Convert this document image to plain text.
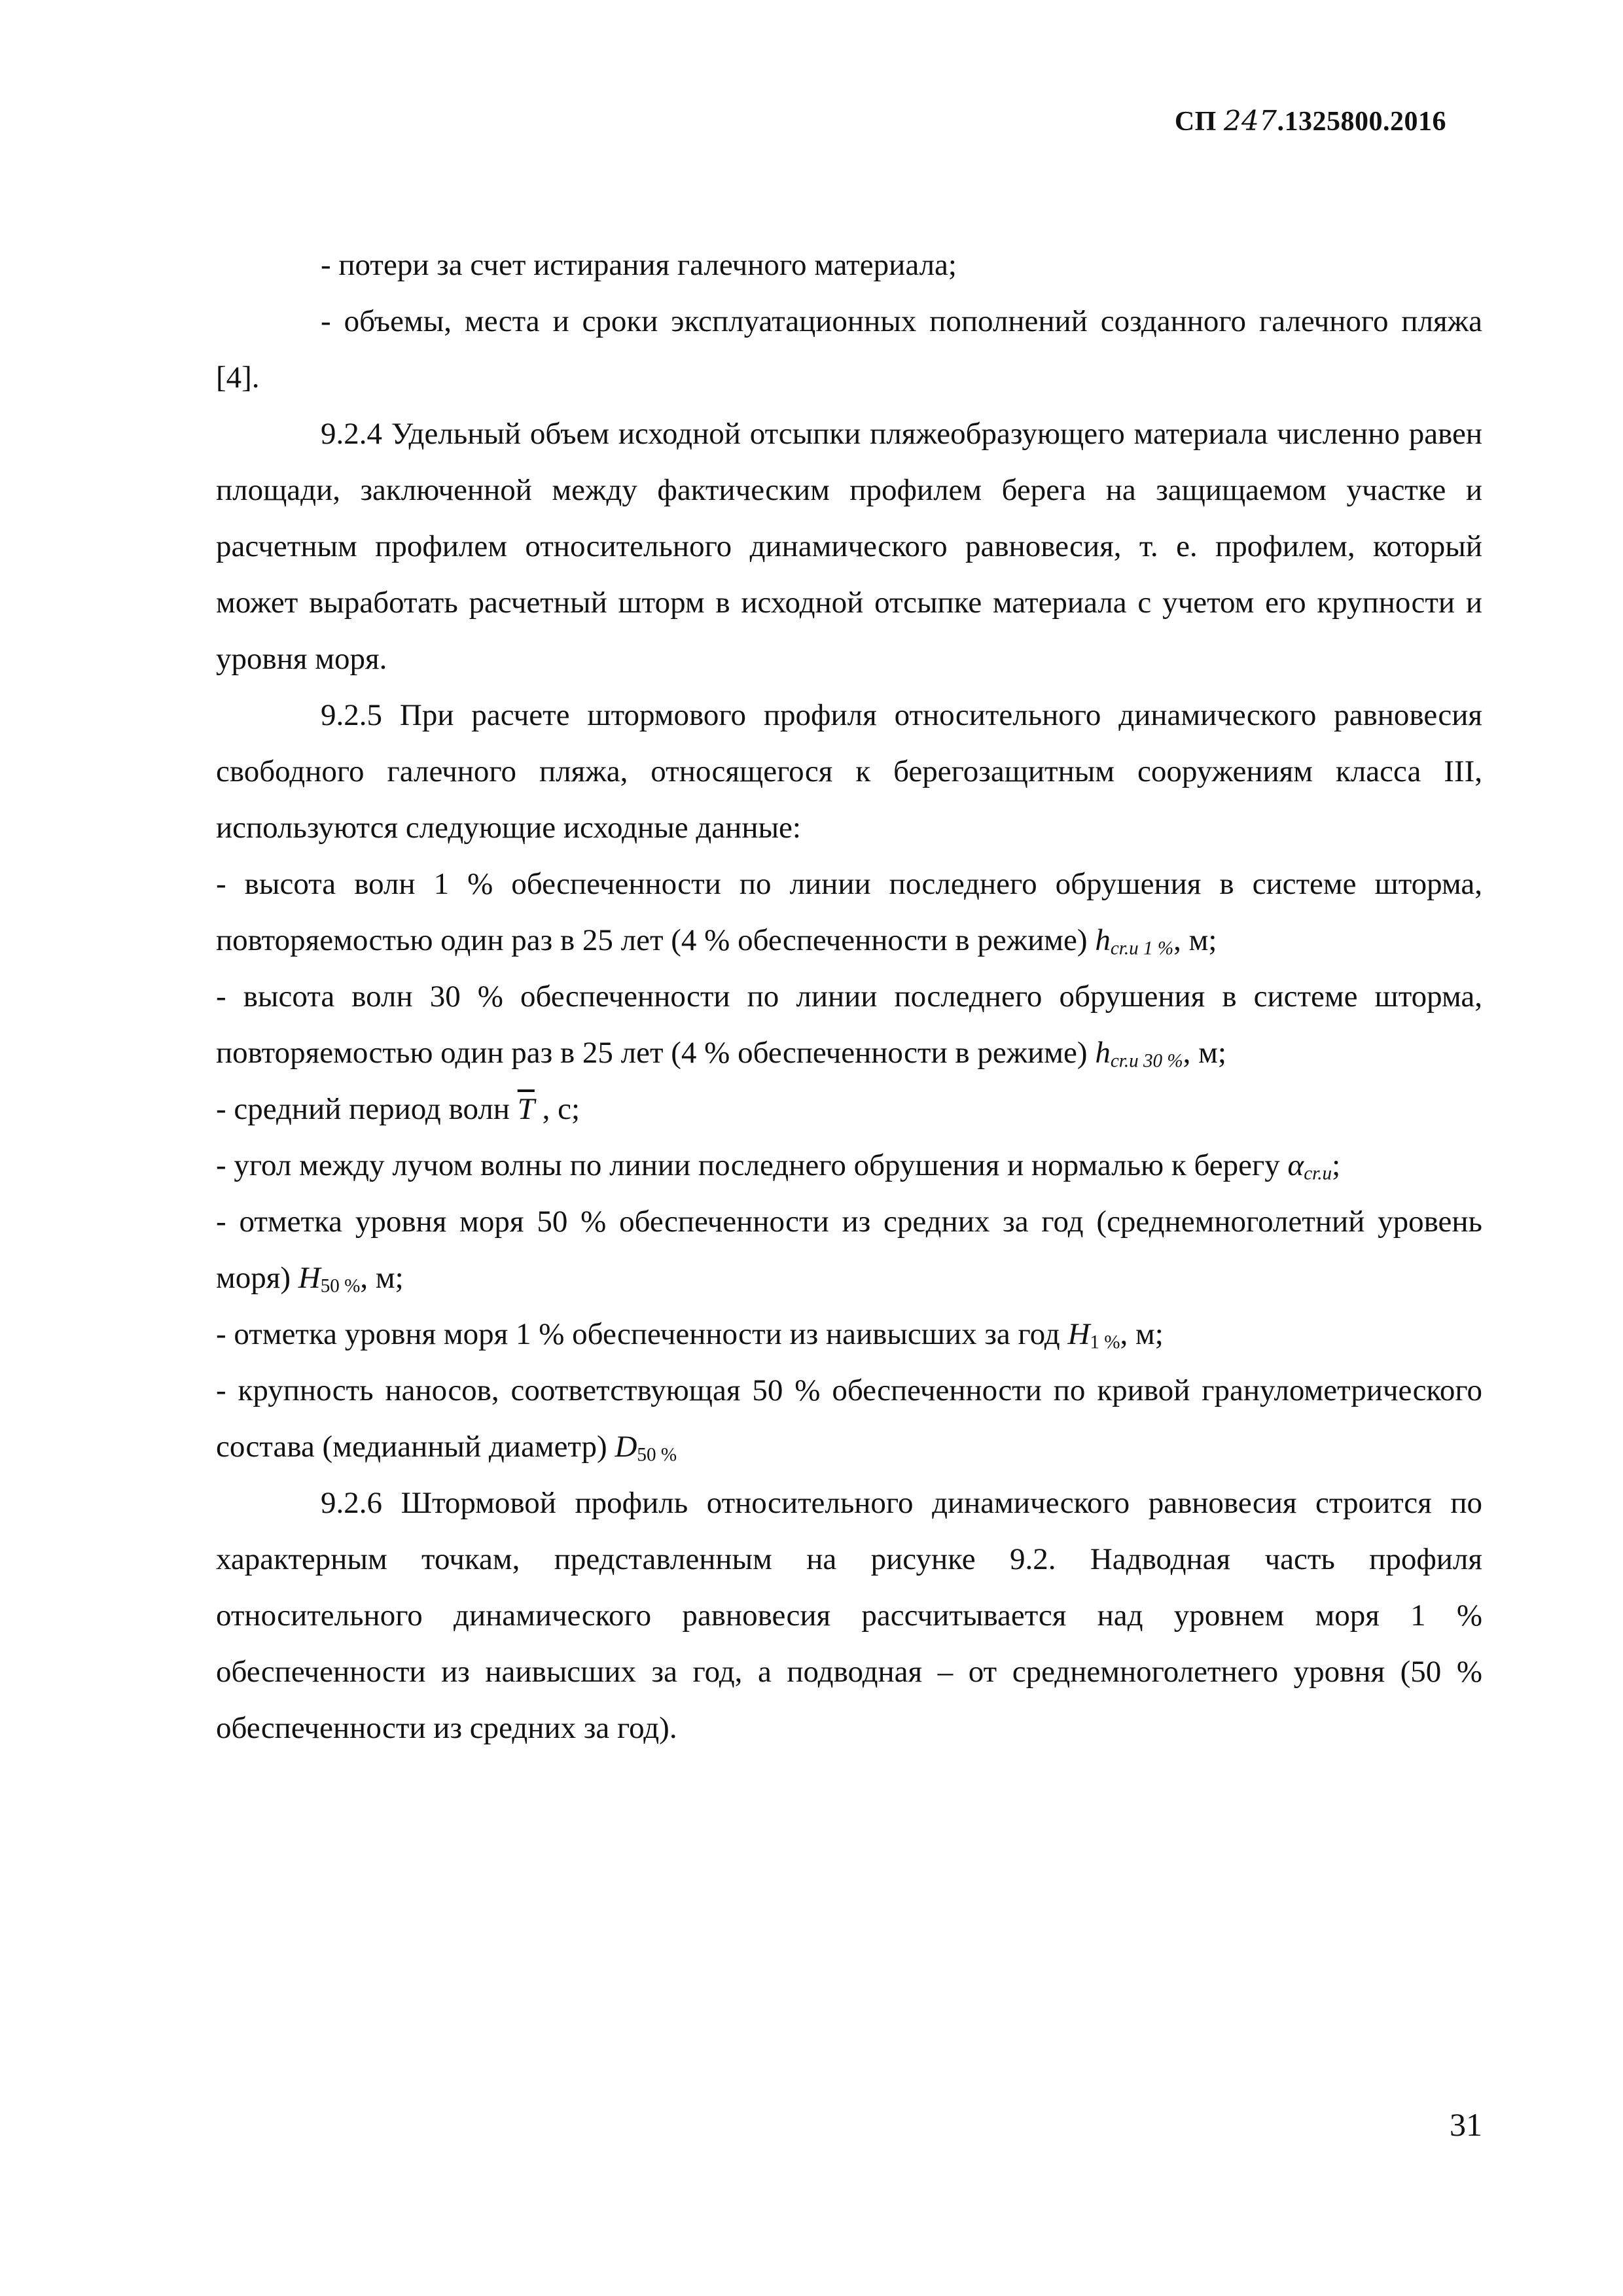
СП 247.1325800.2016

- потери за счет истирания галечного материала;

- объемы, места и сроки эксплуатационных пополнений созданного галечного пляжа [4].

9.2.4 Удельный объем исходной отсыпки пляжеобразующего материала численно равен площади, заключенной между фактическим профилем берега на защищаемом участке и расчетным профилем относительного динамического равновесия, т. е. профилем, который может выработать расчетный шторм в исходной отсыпке материала с учетом его крупности и уровня моря.

9.2.5 При расчете штормового профиля относительного динамического равновесия свободного галечного пляжа, относящегося к берегозащитным сооружениям класса III, используются следующие исходные данные:

- высота волн 1 % обеспеченности по линии последнего обрушения в системе шторма, повторяемостью один раз в 25 лет (4 % обеспеченности в режиме) $h_{cr.u 1 \%}$, м;

- высота волн 30 % обеспеченности по линии последнего обрушения в системе шторма, повторяемостью один раз в 25 лет (4 % обеспеченности в режиме) $h_{cr.u 30 \%}$, м;

- средний период волн $\overline{T}$ , с;

- угол между лучом волны по линии последнего обрушения и нормалью к берегу $\alpha_{cr.u}$;

- отметка уровня моря 50 % обеспеченности из средних за год (среднемноголетний уровень моря) H50 %, м;

- отметка уровня моря 1 % обеспеченности из наивысших за год H1 %, м;

- крупность наносов, соответствующая 50 % обеспеченности по кривой гранулометрического состава (медианный диаметр) D50 %

9.2.6 Штормовой профиль относительного динамического равновесия строится по характерным точкам, представленным на рисунке 9.2. Надводная часть профиля относительного динамического равновесия рассчитывается над уровнем моря 1 % обеспеченности из наивысших за год, а подводная – от среднемноголетнего уровня (50 % обеспеченности из средних за год).

31
